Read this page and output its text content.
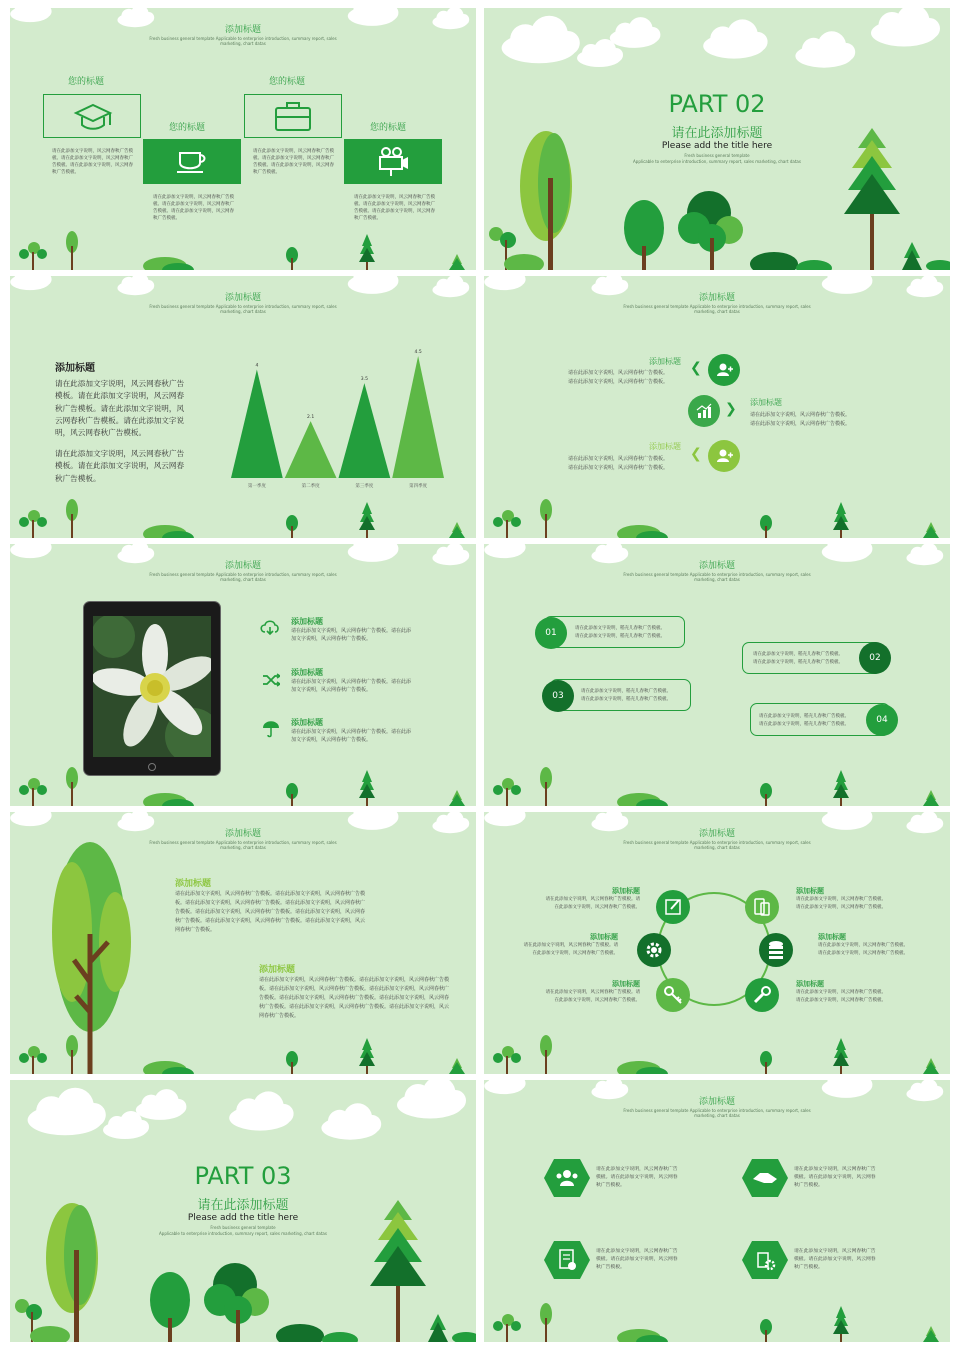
添加标题
Fresh business general template Applicable to enterprise introduction, summary report, sales marketing, chart datas
您的标题
请在此添加文字说明，风云网春秋广告模板。请在此添加文字说明，风云网春秋广告模板。请在此添加文字说明，风云网春秋广告模板。
您的标题
请在此添加文字说明，风云网春秋广告模板。请在此添加文字说明，风云网春秋广告模板。请在此添加文字说明，风云网春秋广告模板。
您的标题
请在此添加文字说明，风云网春秋广告模板。请在此添加文字说明，风云网春秋广告模板。请在此添加文字说明，风云网春秋广告模板。
您的标题
请在此添加文字说明，风云网春秋广告模板。请在此添加文字说明，风云网春秋广告模板。请在此添加文字说明，风云网春秋广告模板。
PART 02
请在此添加标题
Please add the title here
Fresh business general template
Applicable to enterprise introduction, summary report, sales marketing, chart datas
添加标题
Fresh business general template Applicable to enterprise introduction, summary report, sales marketing, chart datas
添加标题
请在此添加文字说明，风云网春秋广告模板。请在此添加文字说明，风云网春秋广告模板。请在此添加文字说明，风云网春秋广告模板。请在此添加文字说明，风云网春秋广告模板。
请在此添加文字说明，风云网春秋广告模板。请在此添加文字说明，风云网春秋广告模板。
4
第一季度
2.1
第二季度
3.5
第三季度
4.5
第四季度
添加标题
Fresh business general template Applicable to enterprise introduction, summary report, sales marketing, chart datas
添加标题
请在此添加文字说明，风云网春秋广告模板。
请在此添加文字说明，风云网春秋广告模板。
❮
❯ 添加标题
请在此添加文字说明，风云网春秋广告模板。
请在此添加文字说明，风云网春秋广告模板。
添加标题
请在此添加文字说明，风云网春秋广告模板。
请在此添加文字说明，风云网春秋广告模板。
❮
添加标题
Fresh business general template Applicable to enterprise introduction, summary report, sales marketing, chart datas
添加标题
请在此添加文字说明，风云网春秋广告模板。请在此添
加文字说明，风云网春秋广告模板。
添加标题
请在此添加文字说明，风云网春秋广告模板。请在此添
加文字说明，风云网春秋广告模板。
添加标题
请在此添加文字说明，风云网春秋广告模板。请在此添
加文字说明，风云网春秋广告模板。
添加标题
Fresh business general template Applicable to enterprise introduction, summary report, sales marketing, chart datas
请在此添加文字说明，稻壳儿春秋广告模板。
请在此添加文字说明，稻壳儿春秋广告模板。
01
请在此添加文字说明，稻壳儿春秋广告模板。
请在此添加文字说明，稻壳儿春秋广告模板。	02
请在此添加文字说明，稻壳儿春秋广告模板。
请在此添加文字说明，稻壳儿春秋广告模板。
03
请在此添加文字说明，稻壳儿春秋广告模板。
请在此添加文字说明，稻壳儿春秋广告模板。	04
添加标题
Fresh business general template Applicable to enterprise introduction, summary report, sales marketing, chart datas
添加标题
请在此添加文字说明，风云网春秋广告模板。请在此添加文字说明，风云网春秋广告模板。请在此添加文字说明，风云网春秋广告模板。请在此添加文字说明，风云网春秋广告模板。请在此添加文字说明，风云网春秋广告模板。请在此添加文字说明，风云网春秋广告模板。请在此添加文字说明，风云网春秋广告模板。请在此添加文字说明，风云网春秋广告模板。
添加标题
请在此添加文字说明，风云网春秋广告模板。请在此添加文字说明，风云网春秋广告模板。请在此添加文字说明，风云网春秋广告模板。请在此添加文字说明，风云网春秋广告模板。请在此添加文字说明，风云网春秋广告模板。请在此添加文字说明，风云网春秋广告模板。请在此添加文字说明，风云网春秋广告模板。请在此添加文字说明，风云网春秋广告模板。
添加标题
Fresh business general template Applicable to enterprise introduction, summary report, sales marketing, chart datas
添加标题
请在此添加文字说明，风云网春秋广告模板。请在此添加文字说明，风云网春秋广告模板。
添加标题
请在此添加文字说明，风云网春秋广告模板。请在此添加文字说明，风云网春秋广告模板。
添加标题
请在此添加文字说明，风云网春秋广告模板。请在此添加文字说明，风云网春秋广告模板。
添加标题
请在此添加文字说明，风云网春秋广告模板。请在此添加文字说明，风云网春秋广告模板。
添加标题
请在此添加文字说明，风云网春秋广告模板。请在此添加文字说明，风云网春秋广告模板。
添加标题
请在此添加文字说明，风云网春秋广告模板。请在此添加文字说明，风云网春秋广告模板。
PART 03
请在此添加标题
Please add the title here
Fresh business general template
Applicable to enterprise introduction, summary report, sales marketing, chart datas
添加标题
Fresh business general template Applicable to enterprise introduction, summary report, sales marketing, chart datas
请在此添加文字说明，风云网春秋广告模板。请在此添加文字说明，风云网春秋广告模板。
请在此添加文字说明，风云网春秋广告模板。请在此添加文字说明，风云网春秋广告模板。
请在此添加文字说明，风云网春秋广告模板。请在此添加文字说明，风云网春秋广告模板。
请在此添加文字说明，风云网春秋广告模板。请在此添加文字说明，风云网春秋广告模板。
